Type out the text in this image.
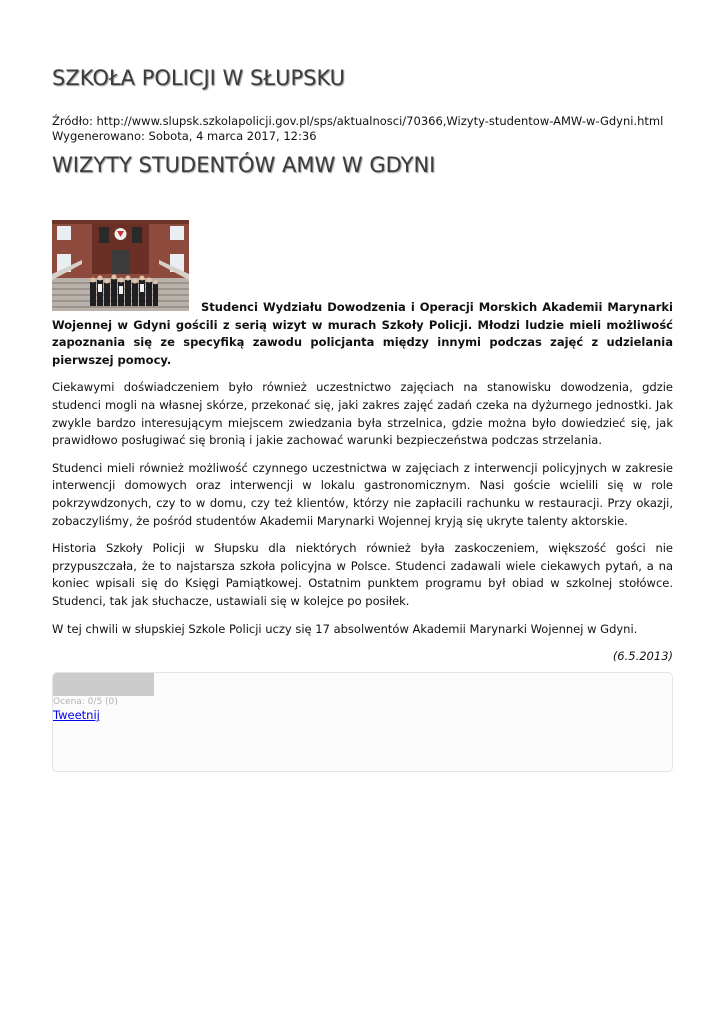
SZKOŁA POLICJI W SŁUPSKU
Źródło: http://www.slupsk.szkolapolicji.gov.pl/sps/aktualnosci/70366,Wizyty-studentow-AMW-w-Gdyni.html
Wygenerowano: Sobota, 4 marca 2017, 12:36
WIZYTY STUDENTÓW AMW W GDYNI

Studenci Wydziału Dowodzenia i Operacji Morskich Akademii Marynarki Wojennej w Gdyni gościli z serią wizyt w murach Szkoły Policji. Młodzi ludzie mieli możliwość zapoznania się ze specyfiką zawodu policjanta między innymi podczas zajęć z udzielania pierwszej pomocy.

Ciekawymi doświadczeniem było również uczestnictwo zajęciach na stanowisku dowodzenia, gdzie studenci mogli na własnej skórze, przekonać się, jaki zakres zajęć zadań czeka na dyżurnego jednostki. Jak zwykle bardzo interesującym miejscem zwiedzania była strzelnica, gdzie można było dowiedzieć się, jak prawidłowo posługiwać się bronią i jakie zachować warunki bezpieczeństwa podczas strzelania.

Studenci mieli również możliwość czynnego uczestnictwa w zajęciach z interwencji policyjnych w zakresie interwencji domowych oraz interwencji w lokalu gastronomicznym. Nasi goście wcielili się w role pokrzywdzonych, czy to w domu, czy też klientów, którzy nie zapłacili rachunku w restauracji. Przy okazji, zobaczyliśmy, że pośród studentów Akademii Marynarki Wojennej kryją się ukryte talenty aktorskie.

Historia Szkoły Policji w Słupsku dla niektórych również była zaskoczeniem, większość gości nie przypuszczała, że to najstarsza szkoła policyjna w Polsce. Studenci zadawali wiele ciekawych pytań, a na koniec wpisali się do Księgi Pamiątkowej. Ostatnim punktem programu był obiad w szkolnej stołówce. Studenci, tak jak słuchacze, ustawiali się w kolejce po posiłek.

W tej chwili w słupskiej Szkole Policji uczy się 17 absolwentów Akademii Marynarki Wojennej w Gdyni.

(6.5.2013)

Ocena: 0/5 (0)
Tweetnij
